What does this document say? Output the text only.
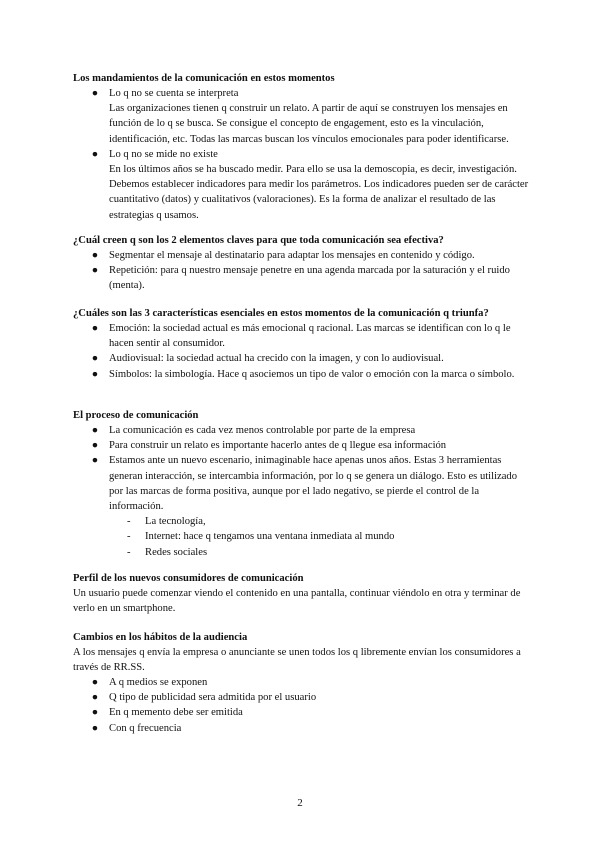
Los mandamientos de la comunicación en estos momentos
● Lo q no se cuenta se interpreta
Las organizaciones tienen q construir un relato. A partir de aquí se construyen los mensajes en función de lo q se busca. Se consigue el concepto de engagement, esto es la vinculación, identificación, etc. Todas las marcas buscan los vínculos emocionales para poder identificarse.
● Lo q no se mide no existe
En los últimos años se ha buscado medir. Para ello se usa la demoscopia, es decir, investigación. Debemos establecer indicadores para medir los parámetros. Los indicadores pueden ser de carácter cuantitativo (datos) y cualitativos (valoraciones). Es la forma de analizar el resultado de las estrategias q usamos.
¿Cuál creen q son los 2 elementos claves para que toda comunicación sea efectiva?
● Segmentar el mensaje al destinatario para adaptar los mensajes en contenido y código.
● Repetición: para q nuestro mensaje penetre en una agenda marcada por la saturación y el ruido (menta).
¿Cuáles son las 3 características esenciales en estos momentos de la comunicación q triunfa?
● Emoción: la sociedad actual es más emocional q racional. Las marcas se identifican con lo q le hacen sentir al consumidor.
● Audiovisual: la sociedad actual ha crecido con la imagen, y con lo audiovisual.
● Símbolos: la simbología. Hace q asociemos un tipo de valor o emoción con la marca o símbolo.
El proceso de comunicación
● La comunicación es cada vez menos controlable por parte de la empresa
● Para construir un relato es importante hacerlo antes de q llegue esa información
● Estamos ante un nuevo escenario, inimaginable hace apenas unos años. Estas 3 herramientas generan interacción, se intercambia información, por lo q se genera un diálogo. Esto es utilizado por las marcas de forma positiva, aunque por el lado negativo, se pierde el control de la información.
- La tecnología,
- Internet: hace q tengamos una ventana inmediata al mundo
- Redes sociales
Perfil de los nuevos consumidores de comunicación
Un usuario puede comenzar viendo el contenido en una pantalla, continuar viéndolo en otra y terminar de verlo en un smartphone.
Cambios en los hábitos de la audiencia
A los mensajes q envía la empresa o anunciante se unen todos los q libremente envían los consumidores a través de RR.SS.
● A q medios se exponen
● Q tipo de publicidad sera admitida por el usuario
● En q memento debe ser emitida
● Con q frecuencia
2
